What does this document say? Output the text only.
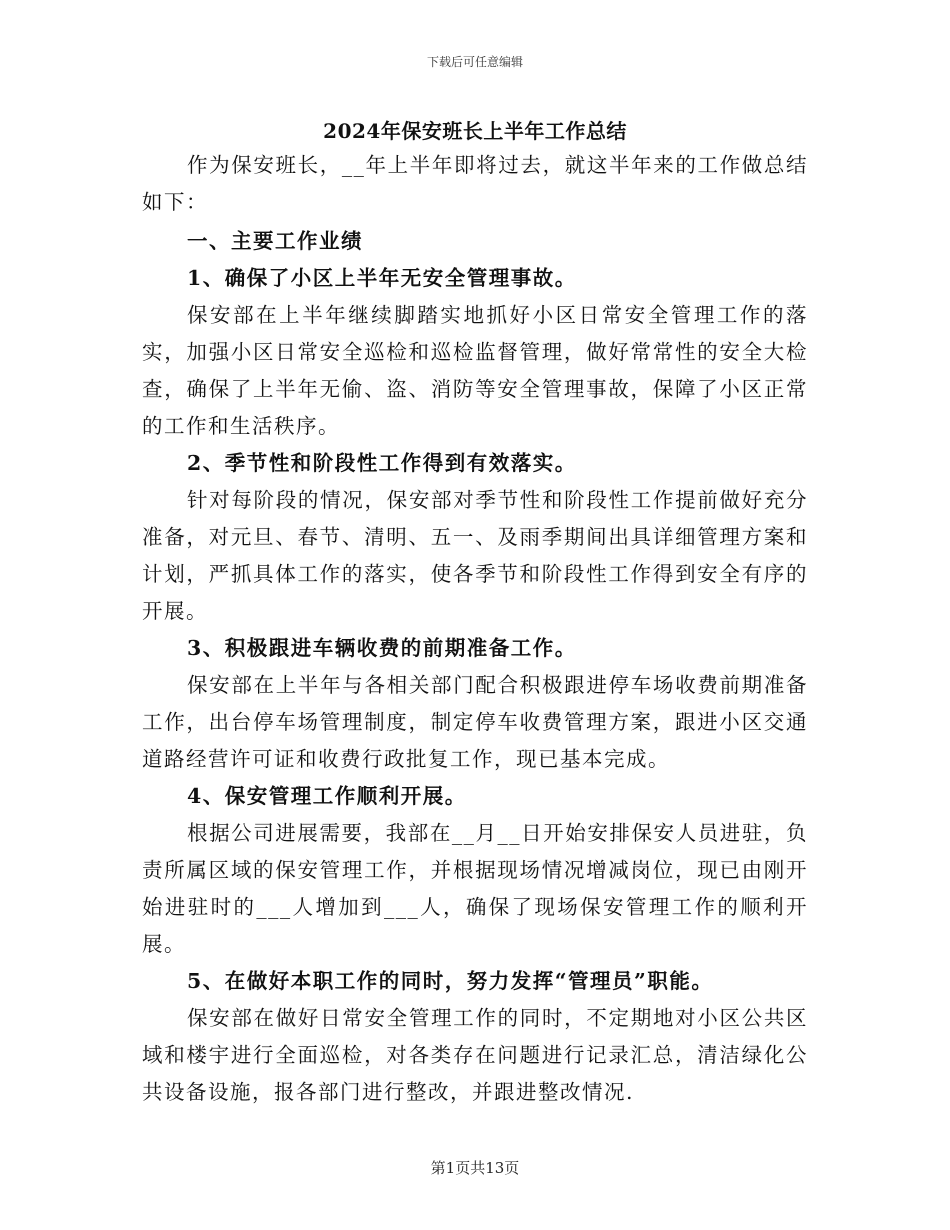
下载后可任意编辑
2024年保安班长上半年工作总结

作为保安班长，__年上半年即将过去，就这半年来的工作做总结如下：

一、主要工作业绩

1、确保了小区上半年无安全管理事故。

保安部在上半年继续脚踏实地抓好小区日常安全管理工作的落实，加强小区日常安全巡检和巡检监督管理，做好常常性的安全大检查，确保了上半年无偷、盗、消防等安全管理事故，保障了小区正常的工作和生活秩序。

2、季节性和阶段性工作得到有效落实。

针对每阶段的情况，保安部对季节性和阶段性工作提前做好充分准备，对元旦、春节、清明、五一、及雨季期间出具详细管理方案和计划，严抓具体工作的落实，使各季节和阶段性工作得到安全有序的开展。

3、积极跟进车辆收费的前期准备工作。

保安部在上半年与各相关部门配合积极跟进停车场收费前期准备工作，出台停车场管理制度，制定停车收费管理方案，跟进小区交通道路经营许可证和收费行政批复工作，现已基本完成。

4、保安管理工作顺利开展。

根据公司进展需要，我部在__月__日开始安排保安人员进驻，负责所属区域的保安管理工作，并根据现场情况增减岗位，现已由刚开始进驻时的___人增加到___人，确保了现场保安管理工作的顺利开展。

5、在做好本职工作的同时，努力发挥“管理员”职能。

保安部在做好日常安全管理工作的同时，不定期地对小区公共区域和楼宇进行全面巡检，对各类存在问题进行记录汇总，清洁绿化公共设备设施，报各部门进行整改，并跟进整改情况.

第1页共13页
